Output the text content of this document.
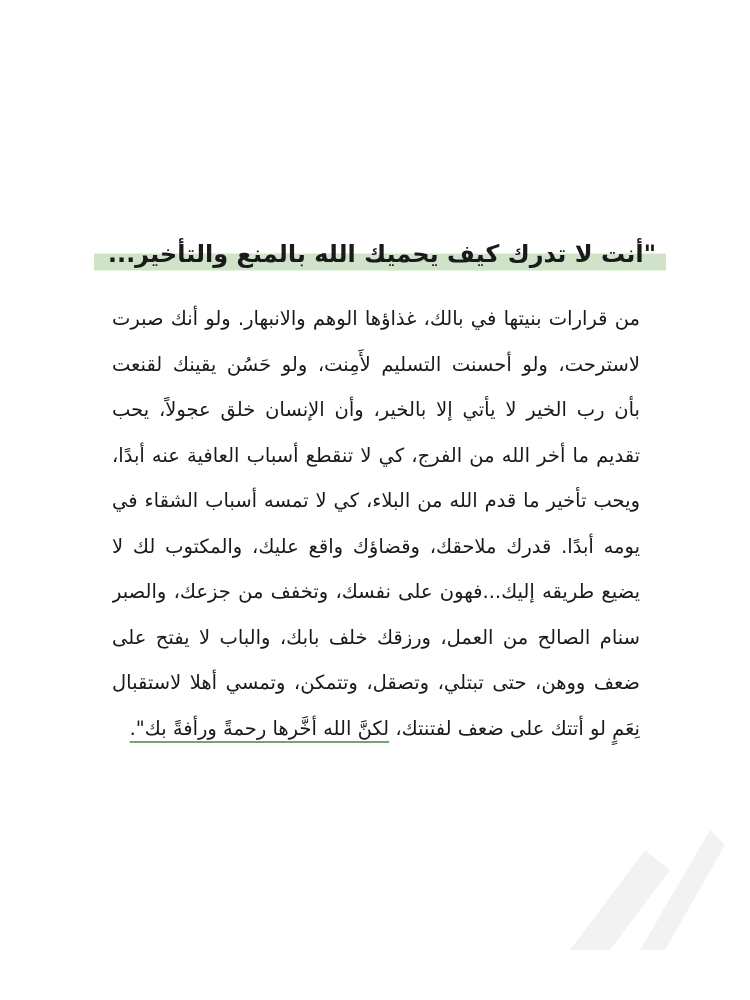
"أنت لا تدرك كيف يحميك الله بالمنع والتأخير...
من قرارات بنيتها في بالك، غذاؤها الوهم والانبهار. ولو أنك صبرت
لاسترحت، ولو أحسنت التسليم لأَمِنت، ولو حَسُن يقينك لقنعت
بأن رب الخير لا يأتي إلا بالخير، وأن الإنسان خلق عجولاً، يحب
تقديم ما أخر الله من الفرج، كي لا تنقطع أسباب العافية عنه أبدًا،
ويحب تأخير ما قدم الله من البلاء، كي لا تمسه أسباب الشقاء في
يومه أبدًا. قدرك ملاحقك، وقضاؤك واقع عليك، والمكتوب لك لا
يضيع طريقه إليك...فهون على نفسك، وتخفف من جزعك، والصبر
سنام الصالح من العمل، ورزقك خلف بابك، والباب لا يفتح على
ضعف ووهن، حتى تبتلي، وتصقل، وتتمكن، وتمسي أهلا لاستقبال
نِعَمٍ لو أتتك على ضعف لفتنتك، لكنَّ الله أخَّرها رحمةً ورأفةً بك".
